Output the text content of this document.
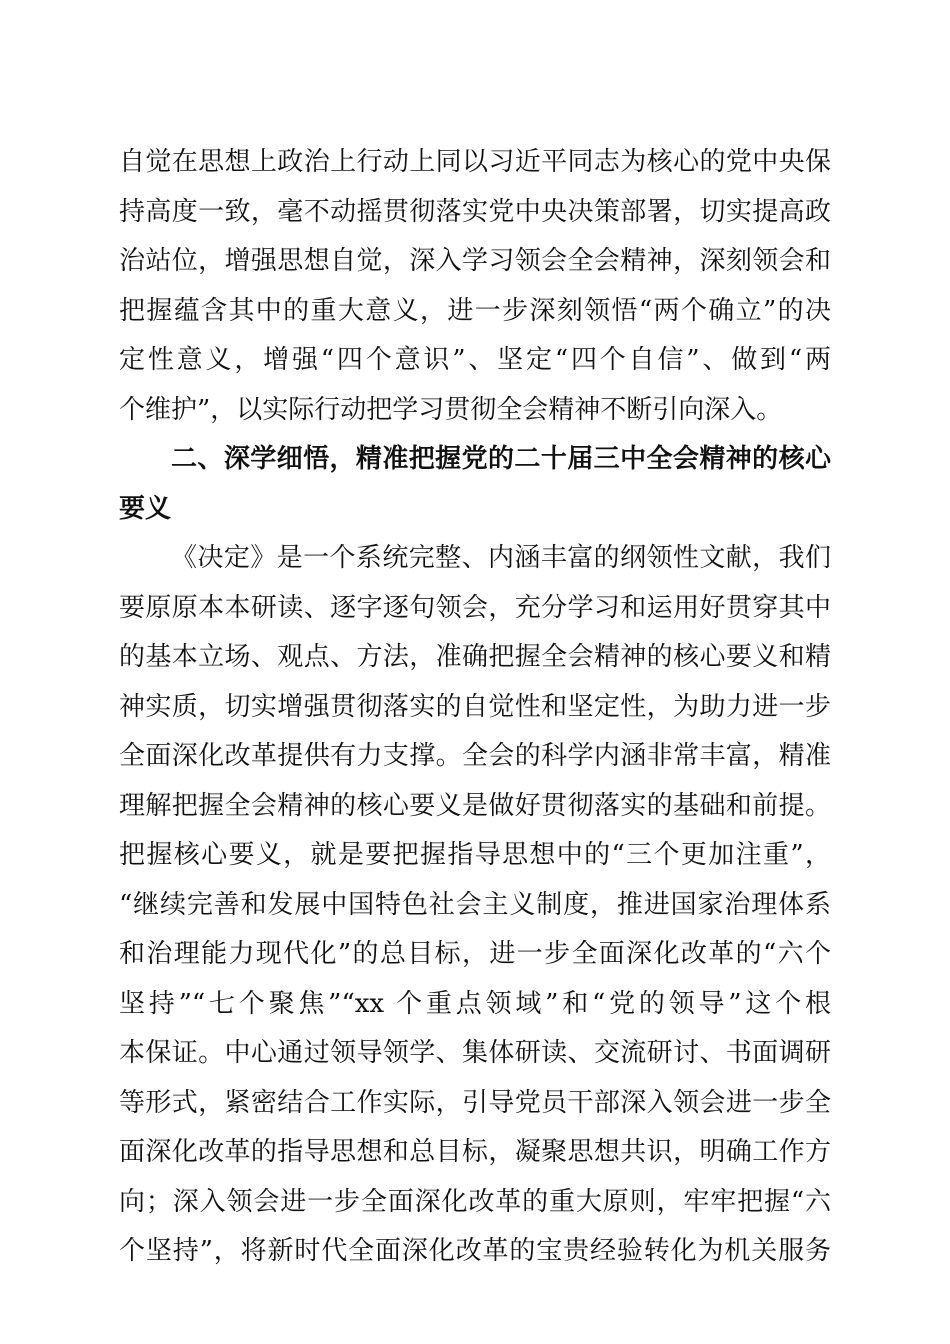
自觉在思想上政治上行动上同以习近平同志为核心的党中央保
持高度一致，毫不动摇贯彻落实党中央决策部署，切实提高政
治站位，增强思想自觉，深入学习领会全会精神，深刻领会和
把握蕴含其中的重大意义，进一步深刻领悟“两个确立”的决
定性意义，增强“四个意识”、坚定“四个自信”、做到“两
个维护”，以实际行动把学习贯彻全会精神不断引向深入。
二、深学细悟，精准把握党的二十届三中全会精神的核心
要义
《决定》是一个系统完整、内涵丰富的纲领性文献，我们
要原原本本研读、逐字逐句领会，充分学习和运用好贯穿其中
的基本立场、观点、方法，准确把握全会精神的核心要义和精
神实质，切实增强贯彻落实的自觉性和坚定性，为助力进一步
全面深化改革提供有力支撑。全会的科学内涵非常丰富，精准
理解把握全会精神的核心要义是做好贯彻落实的基础和前提。
把握核心要义，就是要把握指导思想中的“三个更加注重”，
“继续完善和发展中国特色社会主义制度，推进国家治理体系
和治理能力现代化”的总目标，进一步全面深化改革的“六个
坚持”“七个聚焦”“xx 个重点领域”和“党的领导”这个根
本保证。中心通过领导领学、集体研读、交流研讨、书面调研
等形式，紧密结合工作实际，引导党员干部深入领会进一步全
面深化改革的指导思想和总目标，凝聚思想共识，明确工作方
向；深入领会进一步全面深化改革的重大原则，牢牢把握“六
个坚持”，将新时代全面深化改革的宝贵经验转化为机关服务
